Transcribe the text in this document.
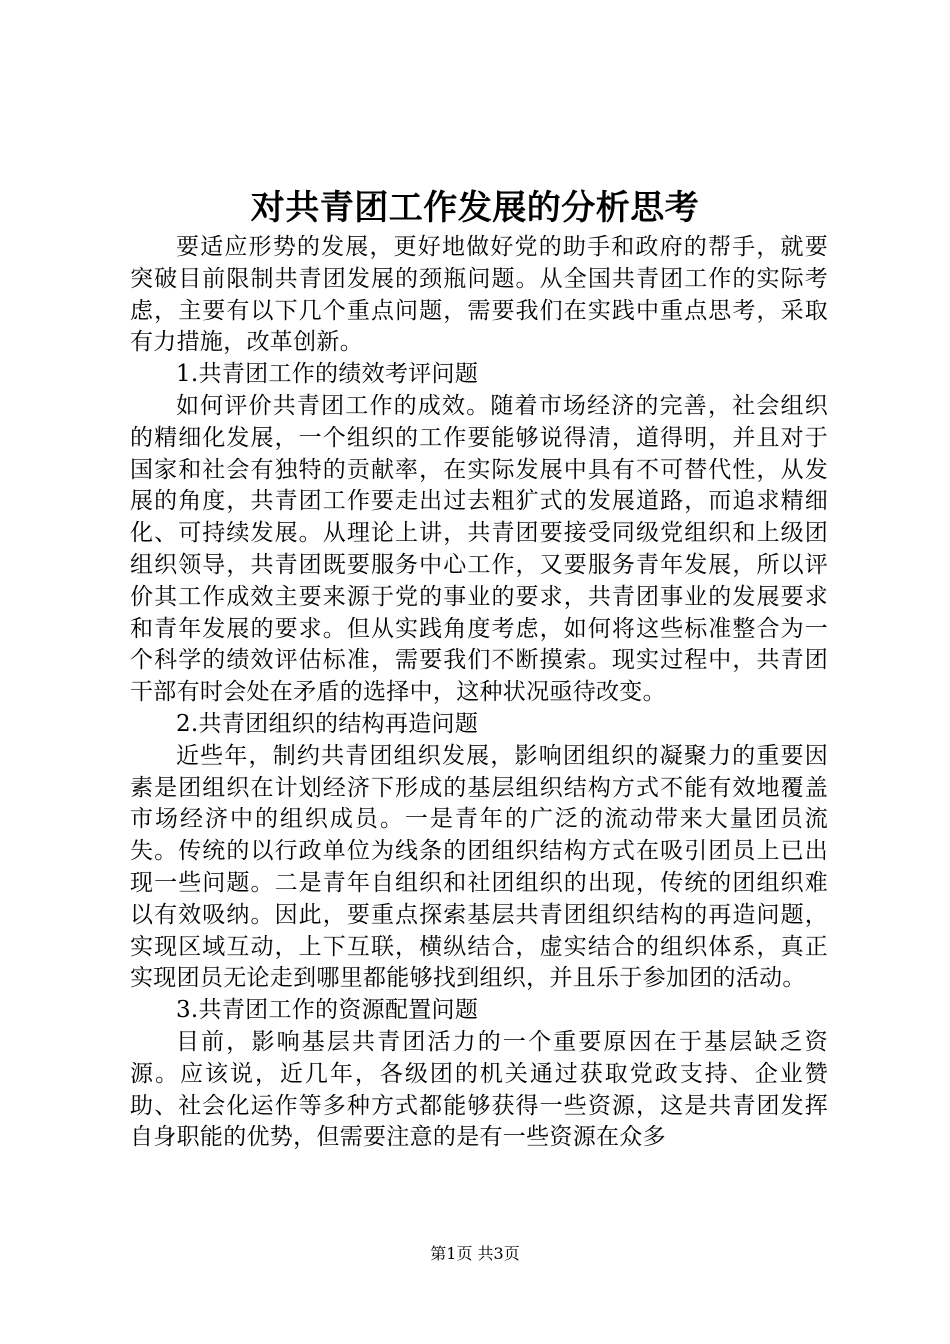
对共青团工作发展的分析思考

要适应形势的发展，更好地做好党的助手和政府的帮手，就要突破目前限制共青团发展的颈瓶问题。从全国共青团工作的实际考虑，主要有以下几个重点问题，需要我们在实践中重点思考，采取有力措施，改革创新。

1.共青团工作的绩效考评问题

如何评价共青团工作的成效。随着市场经济的完善，社会组织的精细化发展，一个组织的工作要能够说得清，道得明，并且对于国家和社会有独特的贡献率，在实际发展中具有不可替代性，从发展的角度，共青团工作要走出过去粗犷式的发展道路，而追求精细化、可持续发展。从理论上讲，共青团要接受同级党组织和上级团组织领导，共青团既要服务中心工作，又要服务青年发展，所以评价其工作成效主要来源于党的事业的要求，共青团事业的发展要求和青年发展的要求。但从实践角度考虑，如何将这些标准整合为一个科学的绩效评估标准，需要我们不断摸索。现实过程中，共青团干部有时会处在矛盾的选择中，这种状况亟待改变。

2.共青团组织的结构再造问题

近些年，制约共青团组织发展，影响团组织的凝聚力的重要因素是团组织在计划经济下形成的基层组织结构方式不能有效地覆盖市场经济中的组织成员。一是青年的广泛的流动带来大量团员流失。传统的以行政单位为线条的团组织结构方式在吸引团员上已出现一些问题。二是青年自组织和社团组织的出现，传统的团组织难以有效吸纳。因此，要重点探索基层共青团组织结构的再造问题，实现区域互动，上下互联，横纵结合，虚实结合的组织体系，真正实现团员无论走到哪里都能够找到组织，并且乐于参加团的活动。

3.共青团工作的资源配置问题

目前，影响基层共青团活力的一个重要原因在于基层缺乏资源。应该说，近几年，各级团的机关通过获取党政支持、企业赞助、社会化运作等多种方式都能够获得一些资源，这是共青团发挥自身职能的优势，但需要注意的是有一些资源在众多

第1页 共3页
